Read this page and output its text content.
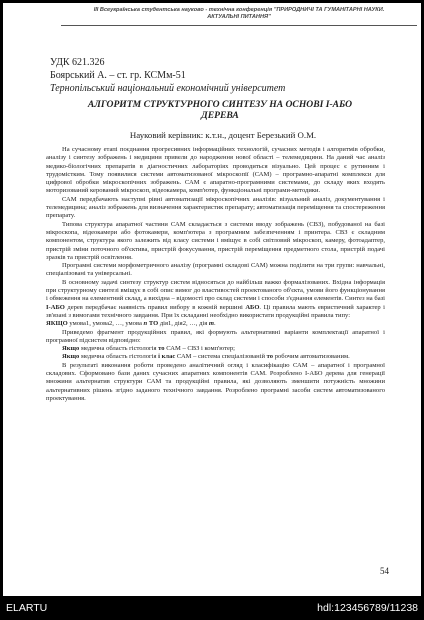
ІІІ Всеукраїнська студентська науково - технічна конференція "ПРИРОДНИЧІ ТА ГУМАНІТАРНІ НАУКИ.
АКТУАЛЬНІ ПИТАННЯ"
УДК 621.326
Боярський А. – ст. гр. КСМм-51
Тернопільський національний економічний університет
АЛГОРИТМ СТРУКТУРНОГО СИНТЕЗУ НА ОСНОВІ І-АБО ДЕРЕВА
Науковий керівник: к.т.н., доцент Березький О.М.

На сучасному етапі поєднання прогресивних інформаційних технологій, сучасних методів і алгоритмів обробки, аналізу і синтезу зображень і медицини привели до народження нової області – телемедицини. На даний час аналіз медико-біологічних препаратів в діагностичних лабораторіях проводиться візуально. Цей процес є рутинним і трудомістким. Тому появилися системи автоматизованої мікроскопії (САМ) – програмно-апаратні комплекси для цифрової обробки мікроскопічних зображень. САМ є апаратно-програмними системами, до складу яких входять моторизований керований мікроскоп, відеокамера, комп'ютер, функціональні програми-методики.

САМ передбачають наступні рівні автоматизації мікроскопічних аналізів: візуальний аналіз, документування і телемедицина; аналіз зображень для визначення характеристик препарату; автоматизація переміщення та спостереження препарату.

Типова структура апаратної частини САМ складається з системи вводу зображень (СВЗ), побудованої на базі мікроскопа, відеокамери або фотокамери, комп'ютера з програмним забезпеченням і принтера. СВЗ є складним компонентом, структура якого залежить від класу системи і вміщує в собі світловий мікроскоп, камеру, фотоадаптер, пристрій зміни поточного об'єктива, пристрій фокусування, пристрій переміщення предметного стола, пристрій подачі зразків та пристрій освітлення.

Програмні системи морфометричного аналізу (програмні складові САМ) можна поділити на три групи: навчальні, спеціалізовані та універсальні.

В основному задачі синтезу структур систем відносяться до найбільш важко формалізованих. Вхідна інформація при структурному синтезі вміщує в собі опис вимог до властивостей проектованого об'єкта, умови його функціонування і обмеження на елементний склад, а вихідна – відомості про склад системи і способи з'єднання елементів. Синтез на базі І-АБО дерев передбачає наявність правил вибору в кожній вершині АБО. Ці правила мають евристичний характер і зв'язані з вимогами технічного завдання. При їх складанні необхідно використати продукційні правила типу:

ЯКЩО умова1, умова2, …, умова n ТО дія1, дія2, …, дія m.

Приведемо фрагмент продукційних правил, які формують альтернативні варіанти комплектації апаратної і програмної підсистем відповідно:

Якщо медична область гістологія то САМ – СВЗ і комп'ютер;

Якщо медична область гістологія і клас САМ – система спеціалізованій то робочим автоматизованим.

В результаті виконання роботи проведено аналітичний огляд і класифікацію САМ – апаратної і програмної складових. Сформовано бази даних сучасних апаратних компонентів САМ. Розроблено І-АБО дерева для генерації множини альтернатив структури САМ та продукційні правила, які дозволяють зменшити потужність множини альтернативних рішень згідно заданого технічного завдання. Розроблено програмні засоби систем автоматизованого проектування.

54
ELARTU	hdl:123456789/11238
